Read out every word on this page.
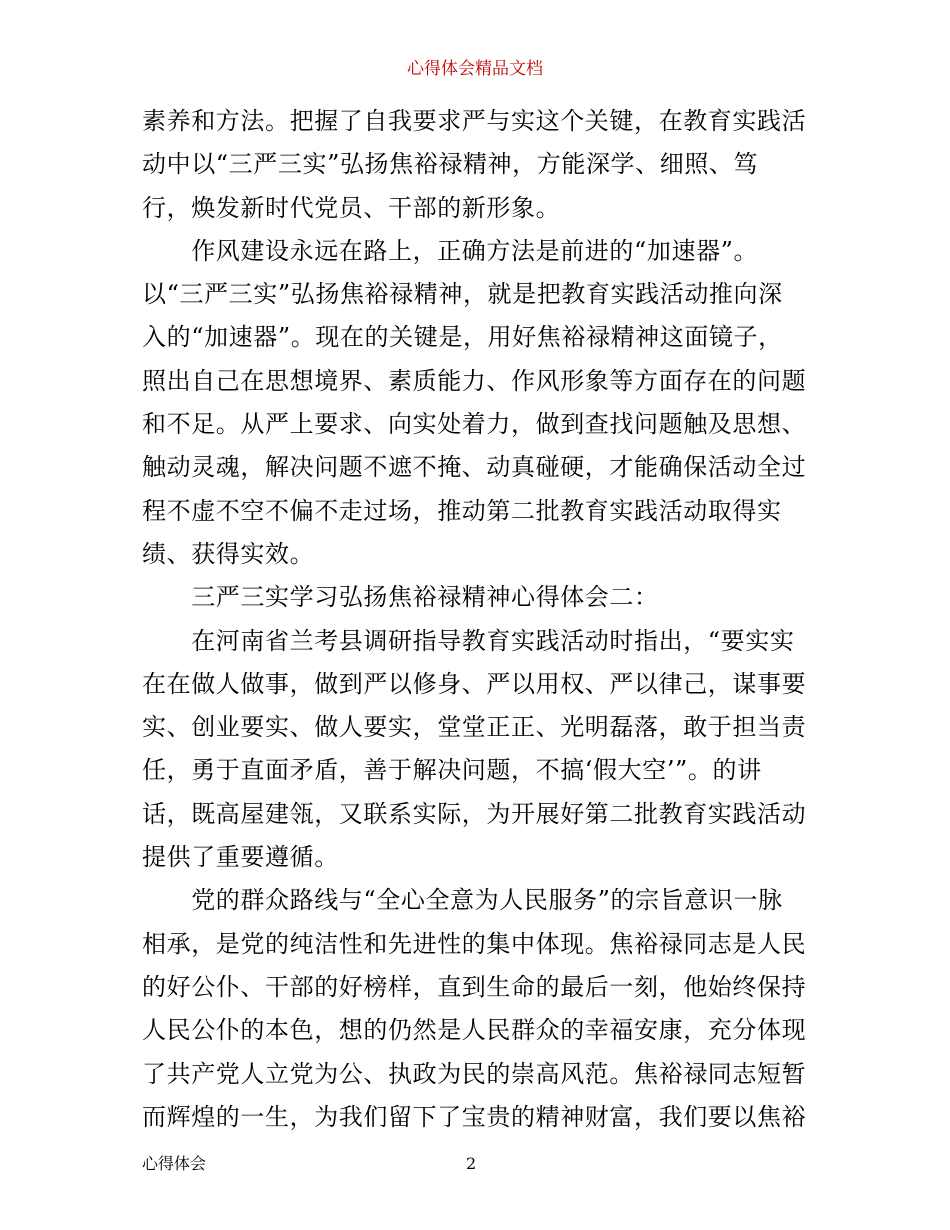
心得体会精品文档
素养和方法。把握了自我要求严与实这个关键，在教育实践活
动中以“三严三实”弘扬焦裕禄精神，方能深学、细照、笃
行，焕发新时代党员、干部的新形象。
　　作风建设永远在路上，正确方法是前进的“加速器”。
以“三严三实”弘扬焦裕禄精神，就是把教育实践活动推向深
入的“加速器”。现在的关键是，用好焦裕禄精神这面镜子，
照出自己在思想境界、素质能力、作风形象等方面存在的问题
和不足。从严上要求、向实处着力，做到查找问题触及思想、
触动灵魂，解决问题不遮不掩、动真碰硬，才能确保活动全过
程不虚不空不偏不走过场，推动第二批教育实践活动取得实
绩、获得实效。
　　三严三实学习弘扬焦裕禄精神心得体会二：
　　在河南省兰考县调研指导教育实践活动时指出，“要实实
在在做人做事，做到严以修身、严以用权、严以律己，谋事要
实、创业要实、做人要实，堂堂正正、光明磊落，敢于担当责
任，勇于直面矛盾，善于解决问题，不搞‘假大空’”。的讲
话，既高屋建瓴，又联系实际，为开展好第二批教育实践活动
提供了重要遵循。
　　党的群众路线与“全心全意为人民服务”的宗旨意识一脉
相承，是党的纯洁性和先进性的集中体现。焦裕禄同志是人民
的好公仆、干部的好榜样，直到生命的最后一刻，他始终保持
人民公仆的本色，想的仍然是人民群众的幸福安康，充分体现
了共产党人立党为公、执政为民的崇高风范。焦裕禄同志短暂
而辉煌的一生，为我们留下了宝贵的精神财富，我们要以焦裕
心得体会	2
